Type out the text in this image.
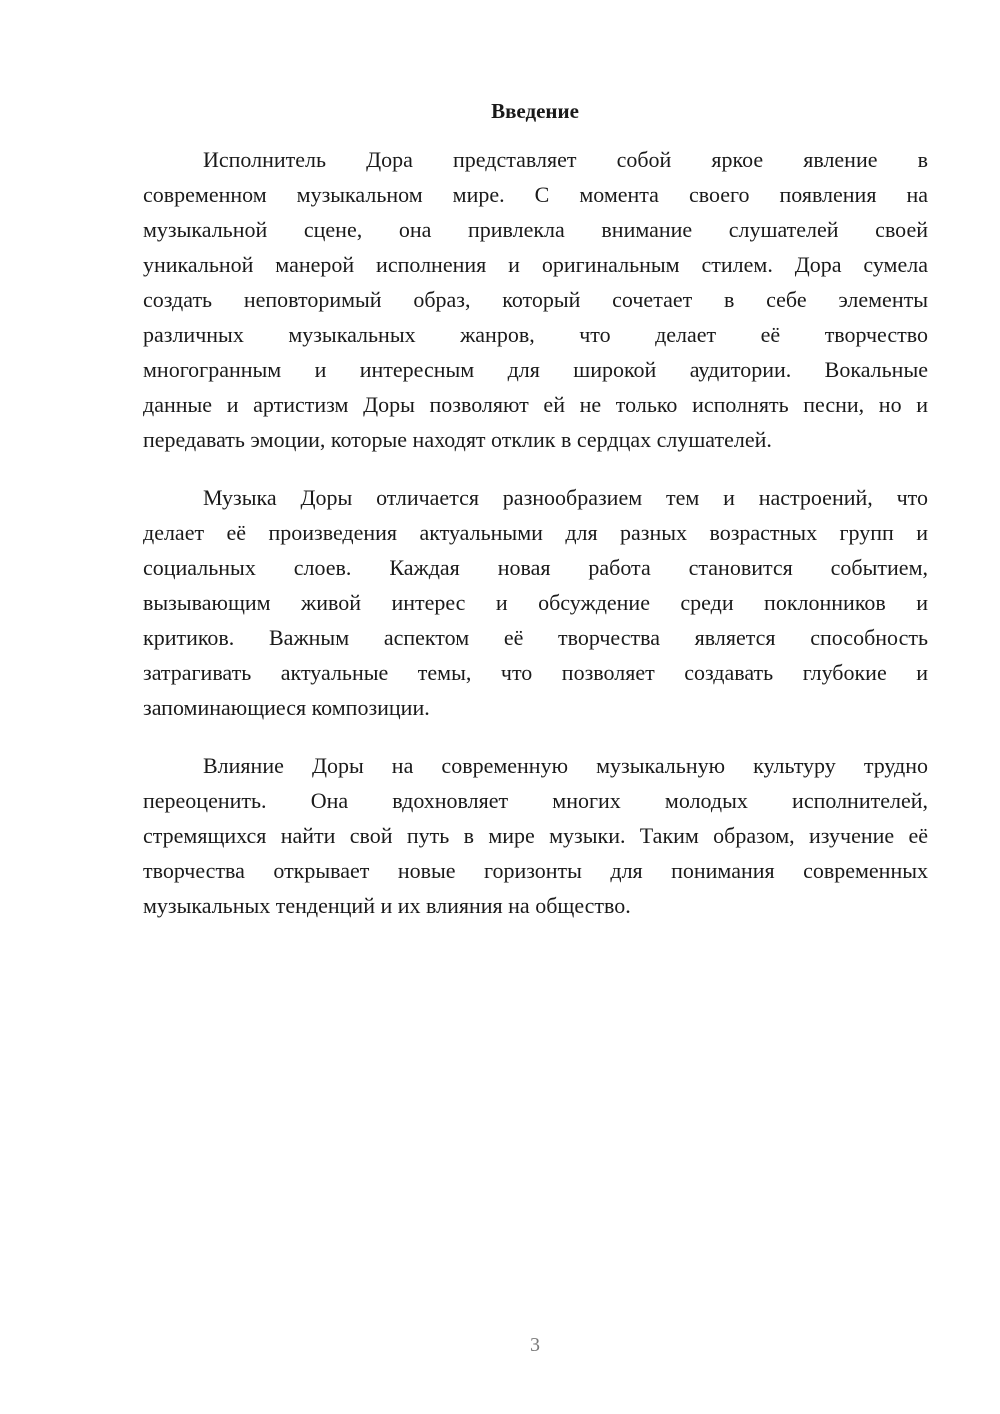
Введение
Исполнитель Дора представляет собой яркое явление в
современном музыкальном мире. С момента своего появления на
музыкальной сцене, она привлекла внимание слушателей своей
уникальной манерой исполнения и оригинальным стилем. Дора сумела
создать неповторимый образ, который сочетает в себе элементы
различных музыкальных жанров, что делает её творчество
многогранным и интересным для широкой аудитории. Вокальные
данные и артистизм Доры позволяют ей не только исполнять песни, но и
передавать эмоции, которые находят отклик в сердцах слушателей.
Музыка Доры отличается разнообразием тем и настроений, что
делает её произведения актуальными для разных возрастных групп и
социальных слоев. Каждая новая работа становится событием,
вызывающим живой интерес и обсуждение среди поклонников и
критиков. Важным аспектом её творчества является способность
затрагивать актуальные темы, что позволяет создавать глубокие и
запоминающиеся композиции.
Влияние Доры на современную музыкальную культуру трудно
переоценить. Она вдохновляет многих молодых исполнителей,
стремящихся найти свой путь в мире музыки. Таким образом, изучение её
творчества открывает новые горизонты для понимания современных
музыкальных тенденций и их влияния на общество.
3
